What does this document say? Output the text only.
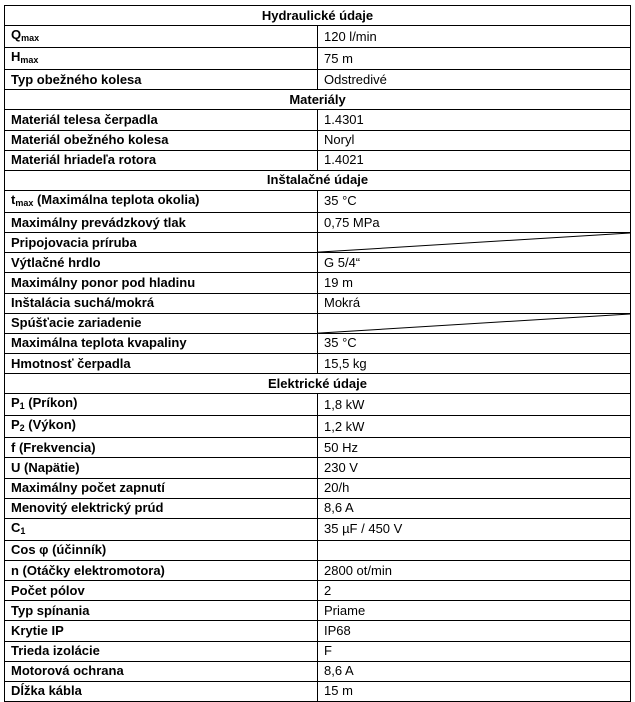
Hydraulické údaje	
$Q_{max}$	120 l/min
$H_{max}$	75 m
Typ obežného kolesa	Odstredivé
Materiály	
Materiál telesa čerpadla	1.4301
Materiál obežného kolesa	Noryl
Materiál hriadeľa rotora	1.4021
Inštalačné údaje	
$t_{max}$ (Maximálna teplota okolia)	35 °C
Maximálny prevádzkový tlak	0,75 MPa
Pripojovacia príruba	

Výtlačné hrdlo	G 5/4“
Maximálny ponor pod hladinu	19 m
Inštalácia suchá/mokrá	Mokrá
Spúšťacie zariadenie	

Maximálna teplota kvapaliny	35 °C
Hmotnosť čerpadla	15,5 kg
Elektrické údaje	
$P_1$ (Príkon)	1,8 kW
$P_2$ (Výkon)	1,2 kW
f (Frekvencia)	50 Hz
U (Napätie)	230 V
Maximálny počet zapnutí	20/h
Menovitý elektrický prúd	8,6 A
$C_1$	35 µF / 450 V
Cos φ (účinník)	
n (Otáčky elektromotora)	2800 ot/min
Počet pólov	2
Typ spínania	Priame
Krytie IP	IP68
Trieda izolácie	F
Motorová ochrana	8,6 A
Dĺžka kábla	15 m
